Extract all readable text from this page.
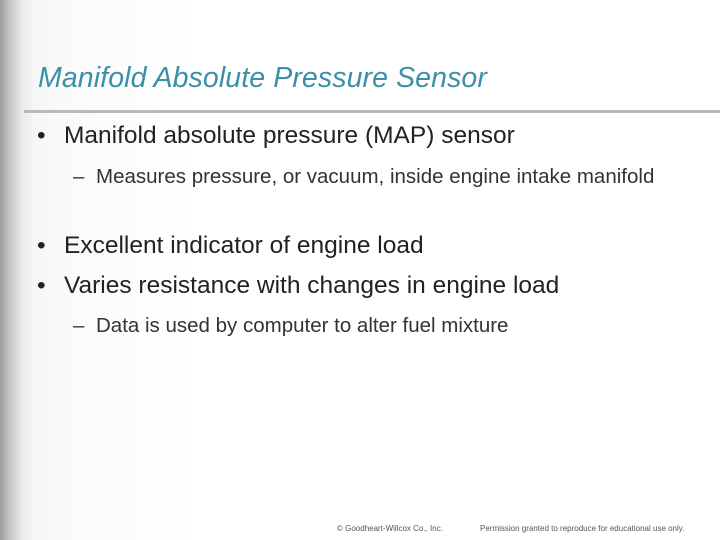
Manifold Absolute Pressure Sensor
• Manifold absolute pressure (MAP) sensor
– Measures pressure, or vacuum, inside engine intake manifold
• Excellent indicator of engine load
• Varies resistance with changes in engine load
– Data is used by computer to alter fuel mixture
© Goodheart-Willcox Co., Inc.	Permission granted to reproduce for educational use only.
